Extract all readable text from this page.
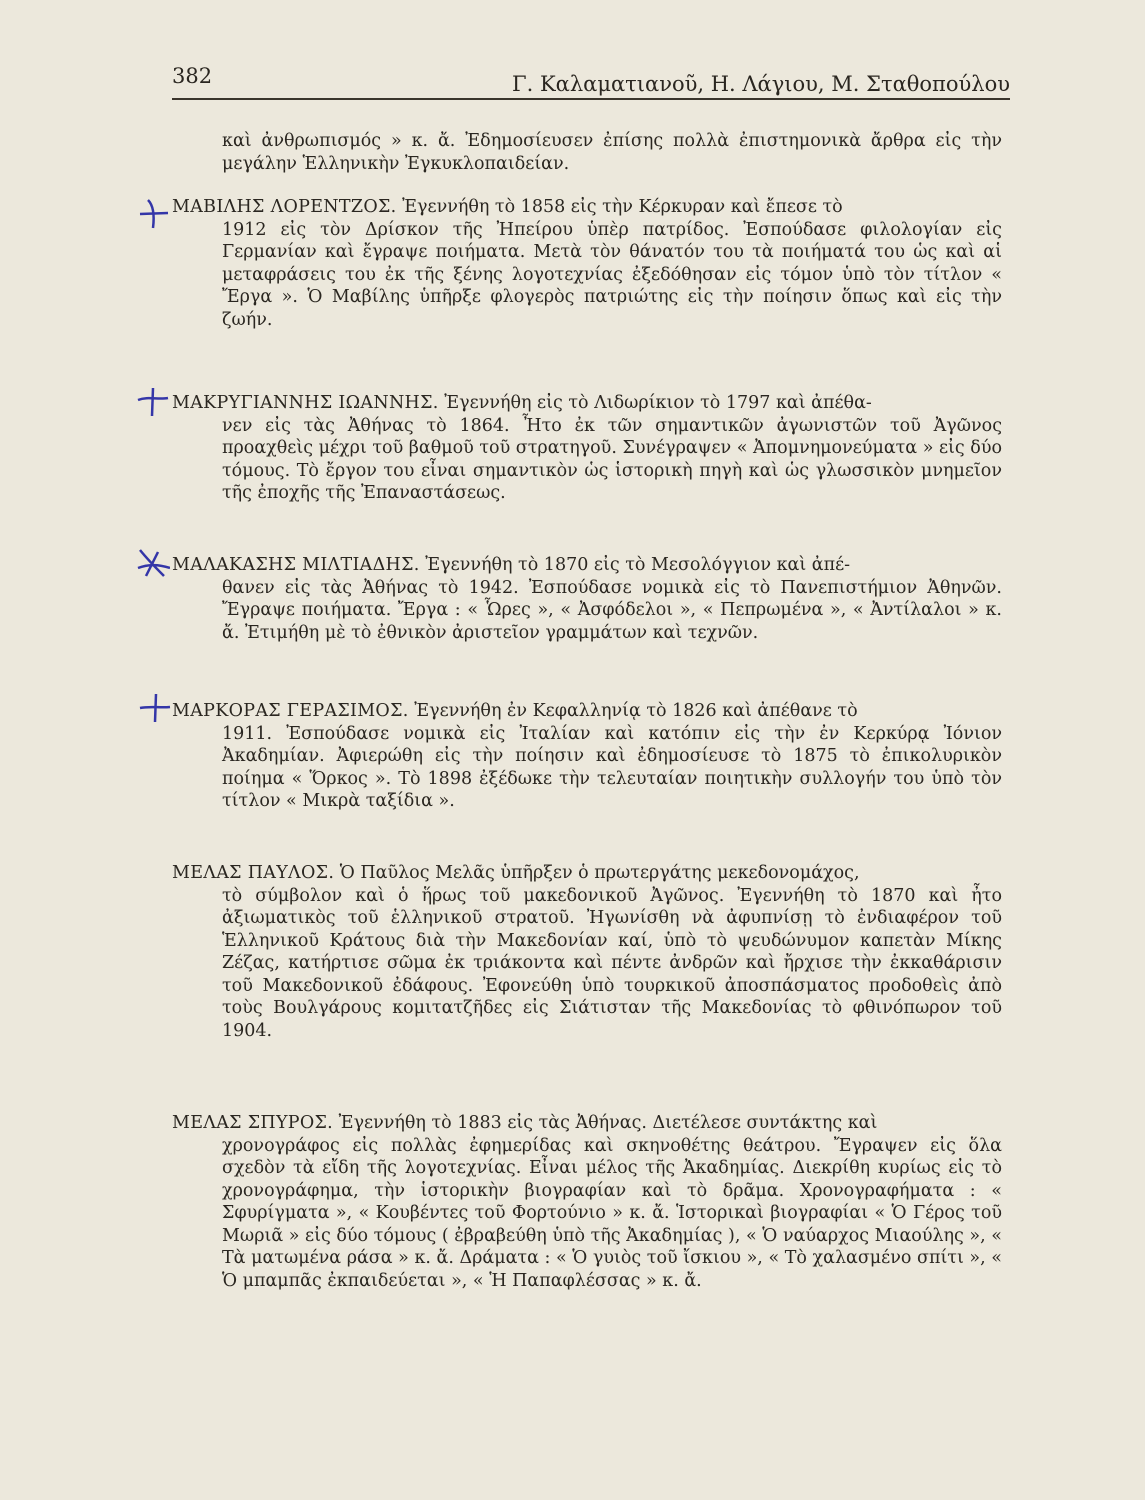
382	Γ. Καλαματιανοῦ, Η. Λάγιου, Μ. Σταθοπούλου
καὶ ἀνθρωπισμός » κ. ἄ. Ἐδημοσίευσεν ἐπίσης πολλὰ ἐπιστημονικὰ ἄρθρα εἰς τὴν μεγάλην Ἑλληνικὴν Ἐγκυκλοπαιδείαν.
ΜΑΒΙΛΗΣ ΛΟΡΕΝΤΖΟΣ. Ἐγεννήθη τὸ 1858 εἰς τὴν Κέρκυραν καὶ ἔπεσε τὸ
1912 εἰς τὸν Δρίσκον τῆς Ἠπείρου ὑπὲρ πατρίδος. Ἐσπούδασε φιλολογίαν εἰς Γερμανίαν καὶ ἔγραψε ποιήματα. Μετὰ τὸν θάνατόν του τὰ ποιήματά του ὡς καὶ αἱ μεταφράσεις του ἐκ τῆς ξένης λογοτεχνίας ἐξεδόθησαν εἰς τόμον ὑπὸ τὸν τίτλον « Ἔργα ». Ὁ Μαβίλης ὑπῆρξε φλογερὸς πατριώτης εἰς τὴν ποίησιν ὅπως καὶ εἰς τὴν ζωήν.
ΜΑΚΡΥΓΙΑΝΝΗΣ ΙΩΑΝΝΗΣ. Ἐγεννήθη εἰς τὸ Λιδωρίκιον τὸ 1797 καὶ ἀπέθα-
νεν εἰς τὰς Ἀθήνας τὸ 1864. Ἦτο ἐκ τῶν σημαντικῶν ἀγωνιστῶν τοῦ Ἀγῶνος προαχθεὶς μέχρι τοῦ βαθμοῦ τοῦ στρατηγοῦ. Συνέγραψεν « Ἀπομνημονεύματα » εἰς δύο τόμους. Τὸ ἔργον του εἶναι σημαντικὸν ὡς ἱστορικὴ πηγὴ καὶ ὡς γλωσσικὸν μνημεῖον τῆς ἐποχῆς τῆς Ἐπαναστάσεως.
ΜΑΛΑΚΑΣΗΣ ΜΙΛΤΙΑΔΗΣ. Ἐγεννήθη τὸ 1870 εἰς τὸ Μεσολόγγιον καὶ ἀπέ-
θανεν εἰς τὰς Ἀθήνας τὸ 1942. Ἐσπούδασε νομικὰ εἰς τὸ Πανεπιστήμιον Ἀθηνῶν. Ἔγραψε ποιήματα. Ἔργα : « Ὧρες », « Ἀσφόδελοι », « Πεπρωμένα », « Ἀντίλαλοι » κ. ἄ. Ἐτιμήθη μὲ τὸ ἐθνικὸν ἀριστεῖον γραμμάτων καὶ τεχνῶν.
ΜΑΡΚΟΡΑΣ ΓΕΡΑΣΙΜΟΣ. Ἐγεννήθη ἐν Κεφαλληνίᾳ τὸ 1826 καὶ ἀπέθανε τὸ
1911. Ἐσπούδασε νομικὰ εἰς Ἰταλίαν καὶ κατόπιν εἰς τὴν ἐν Κερκύρᾳ Ἰόνιον Ἀκαδημίαν. Ἀφιερώθη εἰς τὴν ποίησιν καὶ ἐδημοσίευσε τὸ 1875 τὸ ἐπικολυρικὸν ποίημα « Ὅρκος ». Τὸ 1898 ἐξέδωκε τὴν τελευταίαν ποιητικὴν συλλογήν του ὑπὸ τὸν τίτλον « Μικρὰ ταξίδια ».
ΜΕΛΑΣ ΠΑΥΛΟΣ. Ὁ Παῦλος Μελᾶς ὑπῆρξεν ὁ πρωτεργάτης μεκεδονομάχος,
τὸ σύμβολον καὶ ὁ ἥρως τοῦ μακεδονικοῦ Ἀγῶνος. Ἐγεννήθη τὸ 1870 καὶ ἦτο ἀξιωματικὸς τοῦ ἑλληνικοῦ στρατοῦ. Ἠγωνίσθη νὰ ἀφυπνίσῃ τὸ ἐνδιαφέρον τοῦ Ἑλληνικοῦ Κράτους διὰ τὴν Μακεδονίαν καί, ὑπὸ τὸ ψευδώνυμον καπετὰν Μίκης Ζέζας, κατήρτισε σῶμα ἐκ τριάκοντα καὶ πέντε ἀνδρῶν καὶ ἤρχισε τὴν ἐκκαθάρισιν τοῦ Μακεδονικοῦ ἐδάφους. Ἐφονεύθη ὑπὸ τουρκικοῦ ἀποσπάσματος προδοθεὶς ἀπὸ τοὺς Βουλγάρους κομιτατζῆδες εἰς Σιάτισταν τῆς Μακεδονίας τὸ φθινόπωρον τοῦ 1904.
ΜΕΛΑΣ ΣΠΥΡΟΣ. Ἐγεννήθη τὸ 1883 εἰς τὰς Ἀθήνας. Διετέλεσε συντάκτης καὶ
χρονογράφος εἰς πολλὰς ἐφημερίδας καὶ σκηνοθέτης θεάτρου. Ἔγραψεν εἰς ὅλα σχεδὸν τὰ εἴδη τῆς λογοτεχνίας. Εἶναι μέλος τῆς Ἀκαδημίας. Διεκρίθη κυρίως εἰς τὸ χρονογράφημα, τὴν ἱστορικὴν βιογραφίαν καὶ τὸ δρᾶμα. Χρονογραφήματα : « Σφυρίγματα », « Κουβέντες τοῦ Φορτούνιο » κ. ἄ. Ἱστορικαὶ βιογραφίαι « Ὁ Γέρος τοῦ Μωριᾶ » εἰς δύο τόμους ( ἐβραβεύθη ὑπὸ τῆς Ἀκαδημίας ), « Ὁ ναύαρχος Μιαούλης », « Τὰ ματωμένα ράσα » κ. ἄ. Δράματα : « Ὁ γυιὸς τοῦ ἴσκιου », « Τὸ χαλασμένο σπίτι », « Ὁ μπαμπᾶς ἐκπαιδεύεται », « Ἡ Παπαφλέσσας » κ. ἄ.
